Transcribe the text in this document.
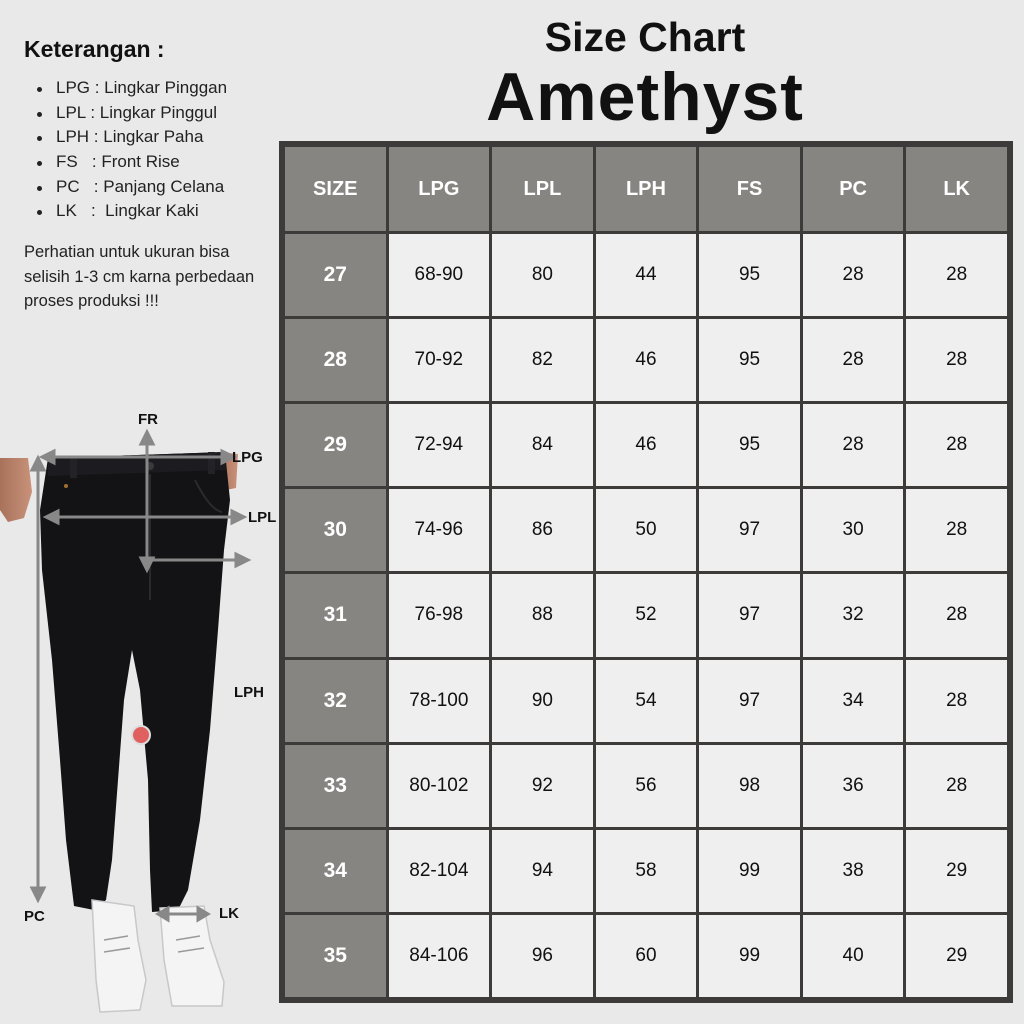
Keterangan :
LPG : Lingkar Pinggan
LPL : Lingkar Pinggul
LPH : Lingkar Paha
FS   : Front Rise
PC   : Panjang Celana
LK   :  Lingkar Kaki
Perhatian untuk ukuran bisa selisih 1-3 cm karna perbedaan proses produksi !!!
Size Chart
Amethyst
SIZE	LPG	LPL	LPH	FS	PC	LK
27	68-90	80	44	95	28	28
28	70-92	82	46	95	28	28
29	72-94	84	46	95	28	28
30	74-96	86	50	97	30	28
31	76-98	88	52	97	32	28
32	78-100	90	54	97	34	28
33	80-102	92	56	98	36	28
34	82-104	94	58	99	38	29
35	84-106	96	60	99	40	29
FR
LPG
LPL
LPH
PC	LK
